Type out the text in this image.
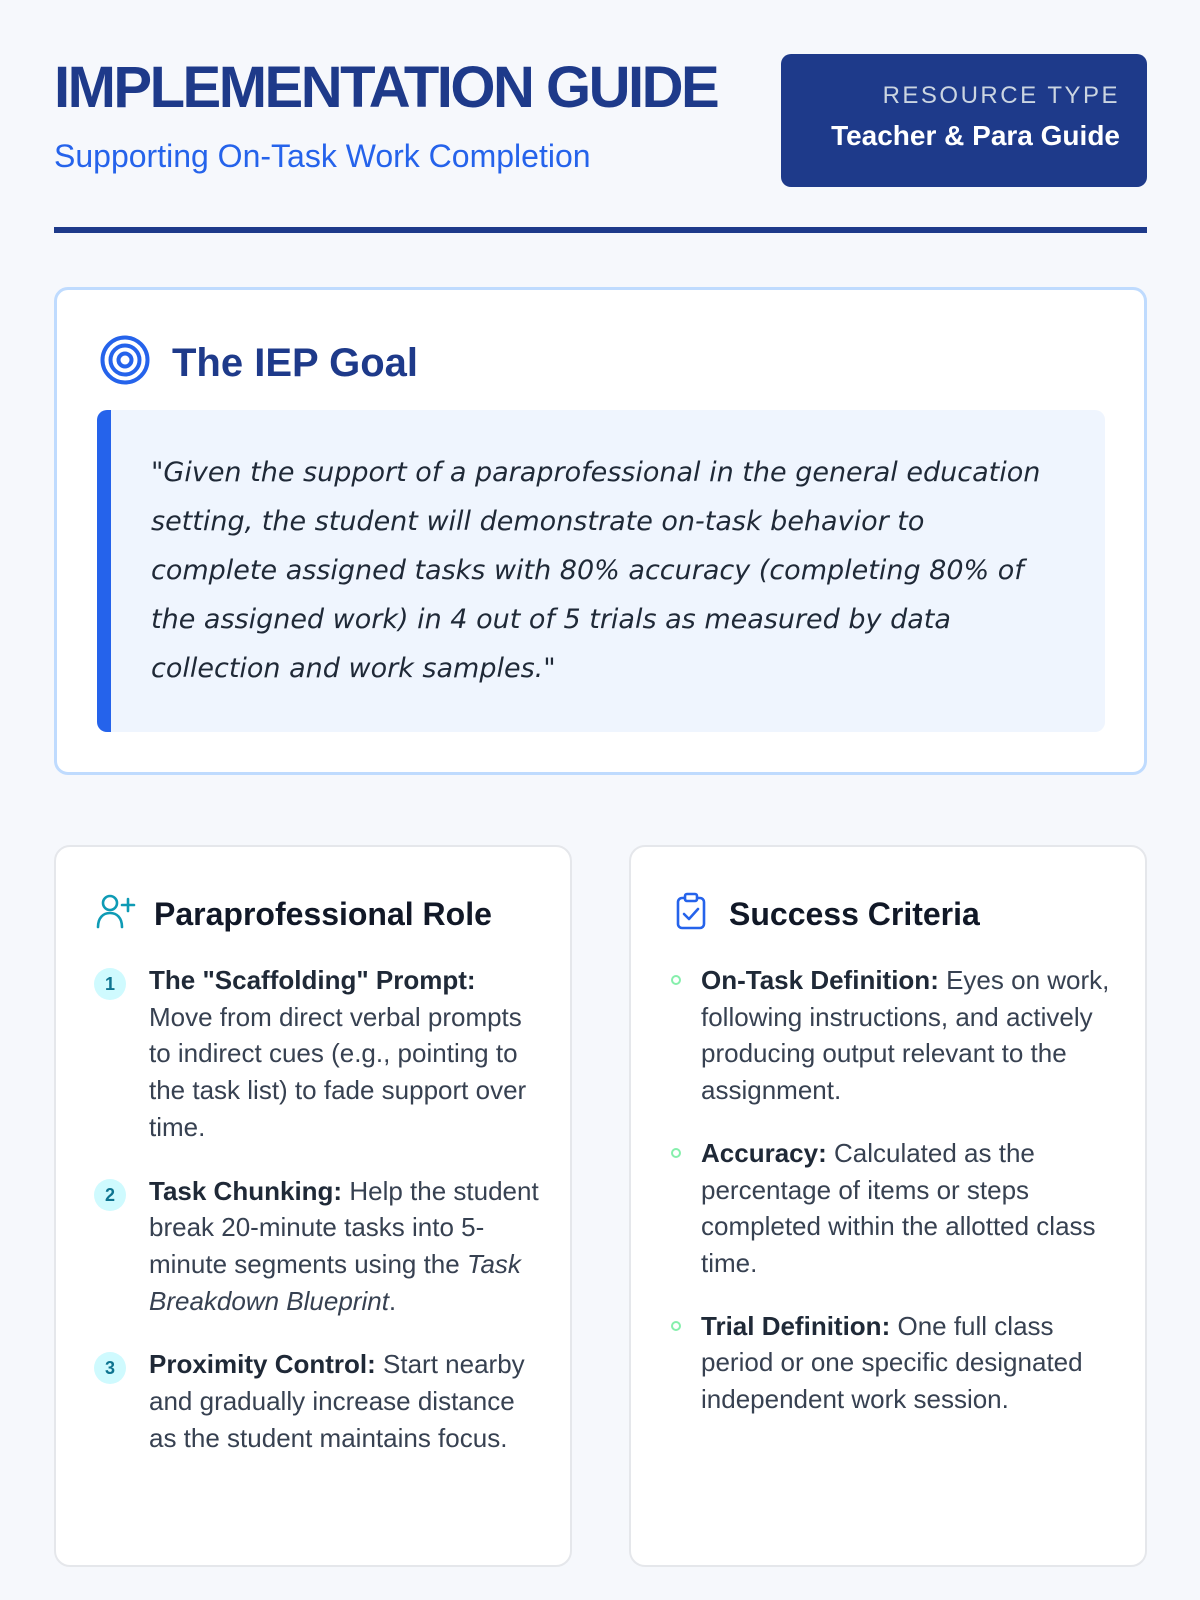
IMPLEMENTATION GUIDE
Supporting On-Task Work Completion
RESOURCE TYPE
Teacher & Para Guide
The IEP Goal

"Given the support of a paraprofessional in the general education setting, the student will demonstrate on-task behavior to complete assigned tasks with 80% accuracy (completing 80% of the assigned work) in 4 out of 5 trials as measured by data collection and work samples."

Paraprofessional Role
1	The "Scaffolding" Prompt: Move from direct verbal prompts to indirect cues (e.g., pointing to the task list) to fade support over time.
2	Task Chunking: Help the student break 20-minute tasks into 5-minute segments using the Task Breakdown Blueprint.
3	Proximity Control: Start nearby and gradually increase distance as the student maintains focus.
Success Criteria
On-Task Definition: Eyes on work, following instructions, and actively producing output relevant to the assignment.
Accuracy: Calculated as the percentage of items or steps completed within the allotted class time.
Trial Definition: One full class period or one specific designated independent work session.
